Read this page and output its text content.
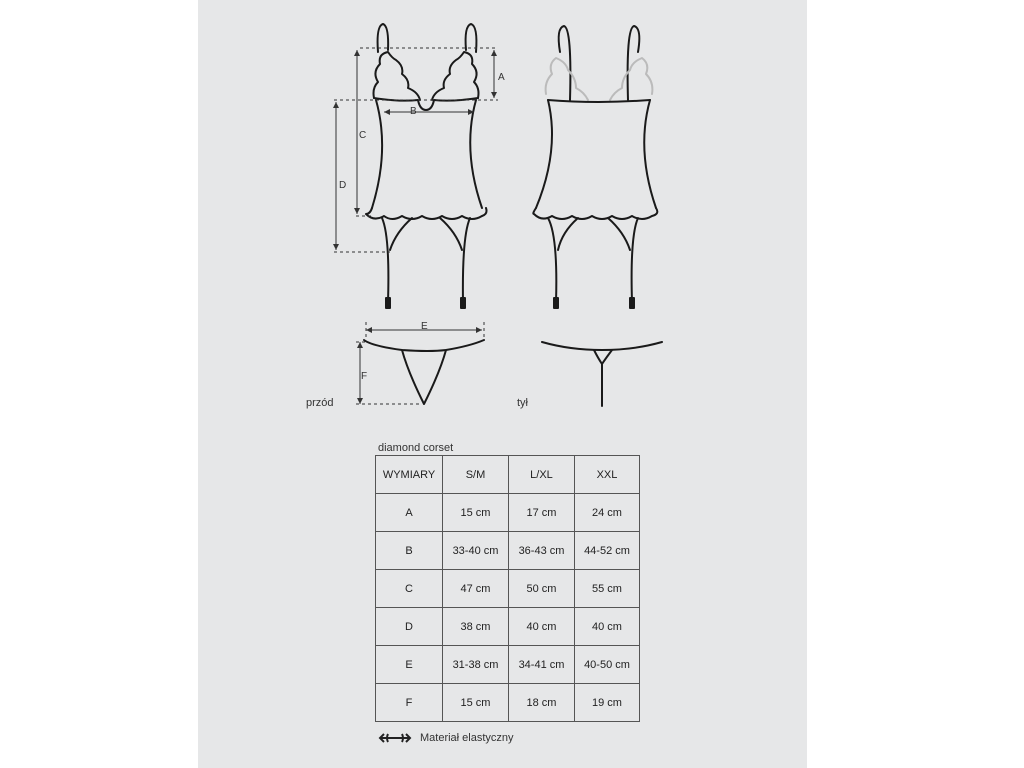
A
B
C
D
E
F
przód	tył
diamond corset
WYMIARY	S/M	L/XL	XXL
A	15 cm	17 cm	24 cm
B	33-40 cm	36-43 cm	44-52 cm
C	47 cm	50 cm	55 cm
D	38 cm	40 cm	40 cm
E	31-38 cm	34-41 cm	40-50 cm
F	15 cm	18 cm	19 cm
Materiał elastyczny
